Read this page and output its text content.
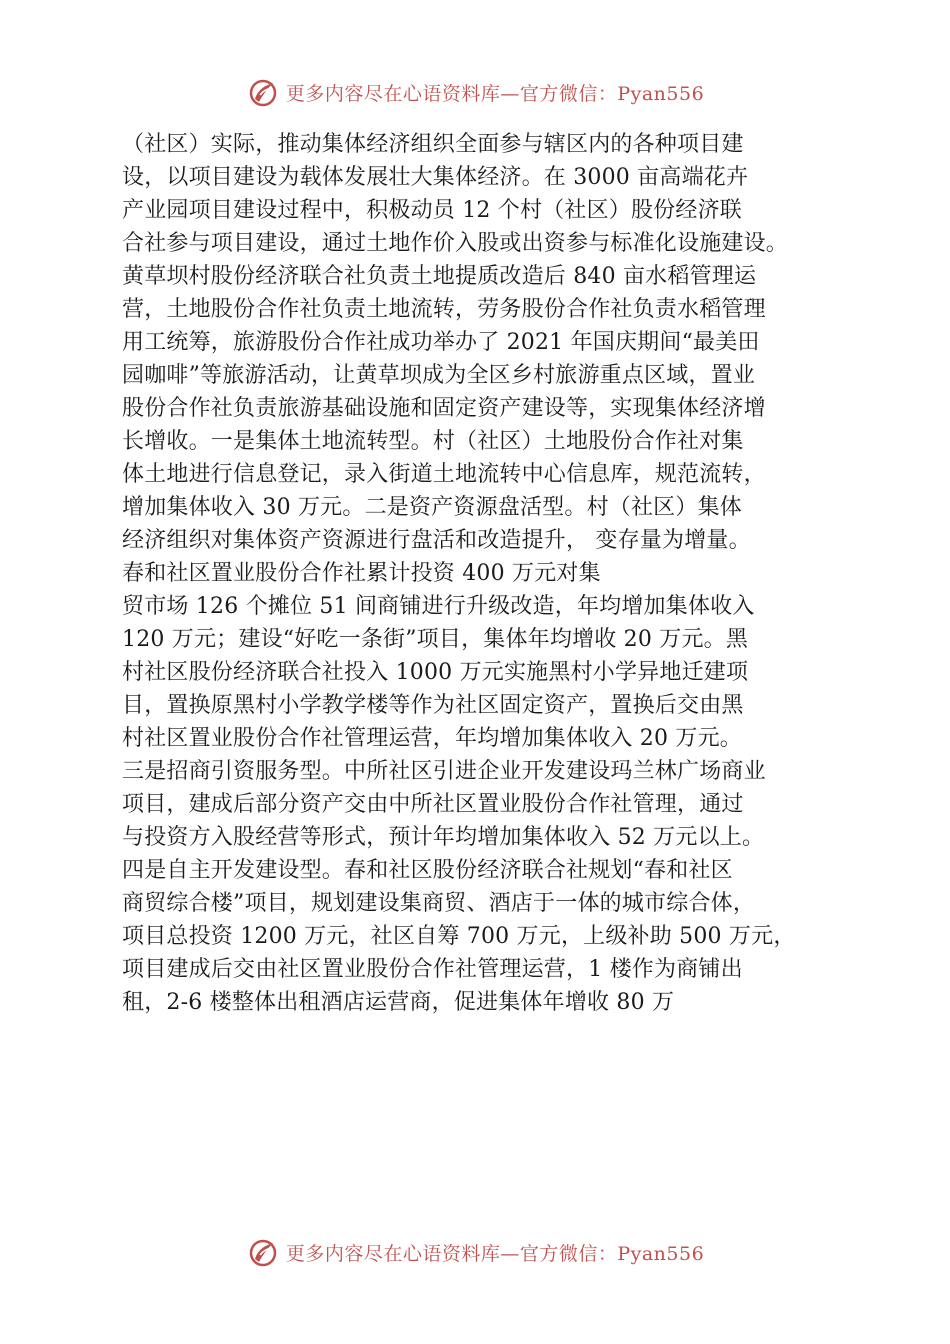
更多内容尽在心语资料库—官方微信：Pyan556
（社区）实际，推动集体经济组织全面参与辖区内的各种项目建
设，以项目建设为载体发展壮大集体经济。在 3000 亩高端花卉
产业园项目建设过程中，积极动员 12 个村（社区）股份经济联
合社参与项目建设，通过土地作价入股或出资参与标准化设施建设。
黄草坝村股份经济联合社负责土地提质改造后 840 亩水稻管理运
营，土地股份合作社负责土地流转，劳务股份合作社负责水稻管理
用工统筹，旅游股份合作社成功举办了 2021 年国庆期间“最美田
园咖啡”等旅游活动，让黄草坝成为全区乡村旅游重点区域，置业
股份合作社负责旅游基础设施和固定资产建设等，实现集体经济增
长增收。一是集体土地流转型。村（社区）土地股份合作社对集
体土地进行信息登记，录入街道土地流转中心信息库，规范流转，
增加集体收入 30 万元。二是资产资源盘活型。村（社区）集体
经济组织对集体资产资源进行盘活和改造提升， 变存量为增量。
春和社区置业股份合作社累计投资 400 万元对集
贸市场 126 个摊位 51 间商铺进行升级改造，年均增加集体收入
120 万元；建设“好吃一条街”项目，集体年均增收 20 万元。黑
村社区股份经济联合社投入 1000 万元实施黑村小学异地迁建项
目，置换原黑村小学教学楼等作为社区固定资产，置换后交由黑
村社区置业股份合作社管理运营，年均增加集体收入 20 万元。
三是招商引资服务型。中所社区引进企业开发建设玛兰林广场商业
项目，建成后部分资产交由中所社区置业股份合作社管理，通过
与投资方入股经营等形式，预计年均增加集体收入 52 万元以上。
四是自主开发建设型。春和社区股份经济联合社规划“春和社区
商贸综合楼”项目，规划建设集商贸、酒店于一体的城市综合体，
项目总投资 1200 万元，社区自筹 700 万元，上级补助 500 万元，
项目建成后交由社区置业股份合作社管理运营，1 楼作为商铺出
租，2-6 楼整体出租酒店运营商，促进集体年增收 80 万
更多内容尽在心语资料库—官方微信：Pyan556
